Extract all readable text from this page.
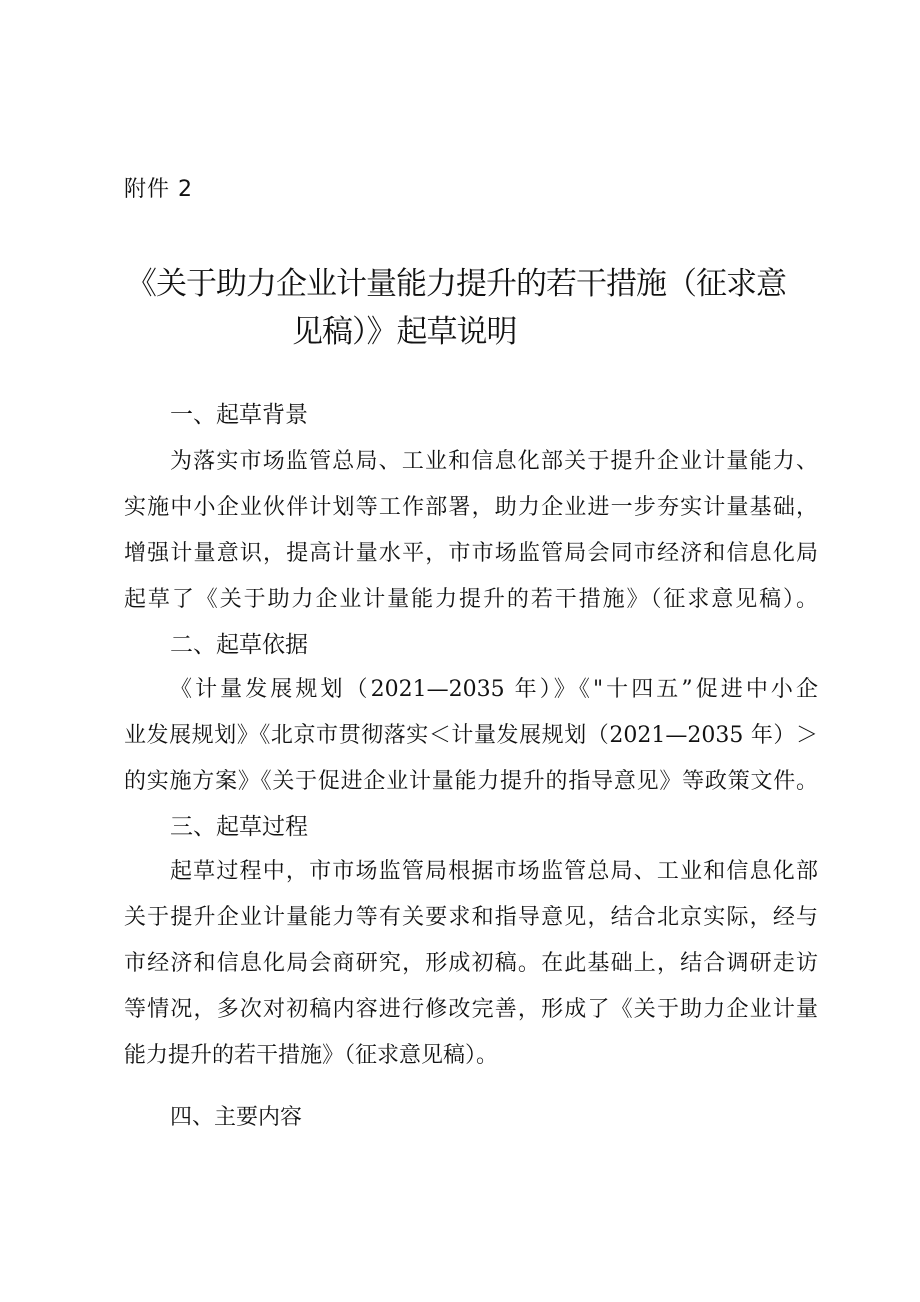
附件 2
《关于助力企业计量能力提升的若干措施（征求意
见稿）》起草说明
一、起草背景
为落实市场监管总局、工业和信息化部关于提升企业计量能力、
实施中小企业伙伴计划等工作部署，助力企业进一步夯实计量基础，
增强计量意识，提高计量水平，市市场监管局会同市经济和信息化局
起草了《关于助力企业计量能力提升的若干措施》（征求意见稿）。
二、起草依据
《计量发展规划（2021—2035 年）》《"十四五”促进中小企
业发展规划》《北京市贯彻落实＜计量发展规划（2021—2035 年）＞
的实施方案》《关于促进企业计量能力提升的指导意见》等政策文件。
三、起草过程
起草过程中，市市场监管局根据市场监管总局、工业和信息化部
关于提升企业计量能力等有关要求和指导意见，结合北京实际，经与
市经济和信息化局会商研究，形成初稿。在此基础上，结合调研走访
等情况，多次对初稿内容进行修改完善，形成了《关于助力企业计量
能力提升的若干措施》（征求意见稿）。
四、主要内容
